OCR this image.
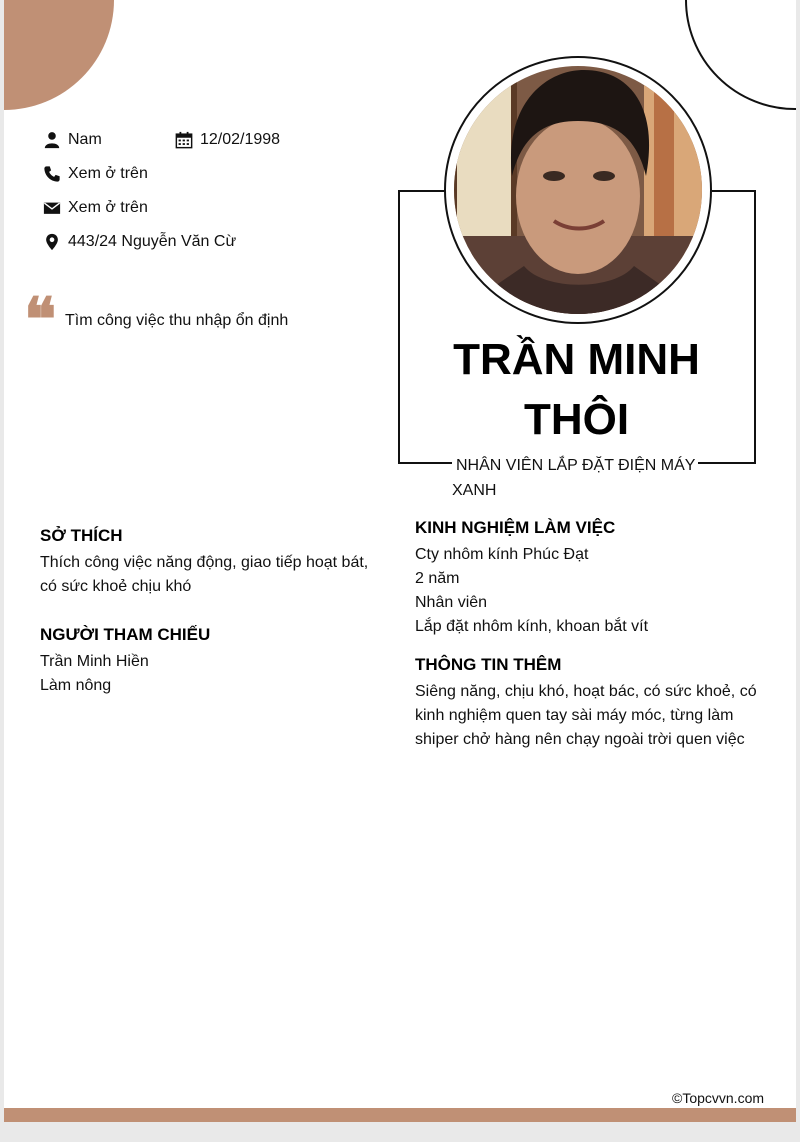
Nam	12/02/1998
Xem ở trên
Xem ở trên
443/24 Nguyễn Văn Cừ
❝ Tìm công việc thu nhập ổn định
TRẦN MINH
THÔI
NHÂN VIÊN LẮP ĐẶT ĐIỆN MÁY
XANH
SỞ THÍCH
Thích công việc năng động, giao tiếp hoạt bát,
có sức khoẻ chịu khó
NGƯỜI THAM CHIẾU
Trần Minh Hiền
Làm nông
KINH NGHIỆM LÀM VIỆC
Cty nhôm kính Phúc Đạt
2 năm
Nhân viên
Lắp đặt nhôm kính, khoan bắt vít
THÔNG TIN THÊM
Siêng năng, chịu khó, hoạt bác, có sức khoẻ, có
kinh nghiệm quen tay sài máy móc, từng làm
shiper chở hàng nên chạy ngoài trời quen việc
©Topcvvn.com
